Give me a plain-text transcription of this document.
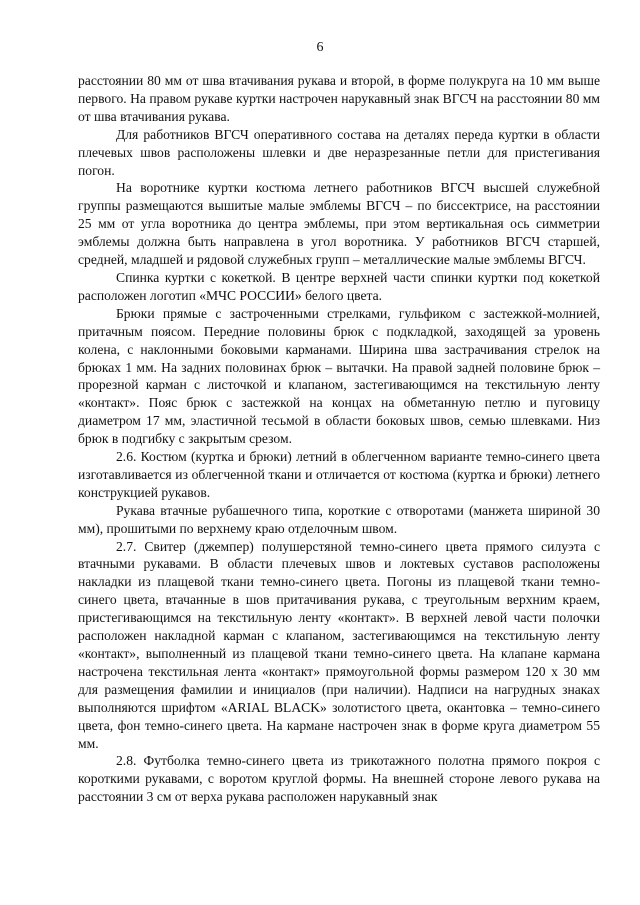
6

расстоянии 80 мм от шва втачивания рукава и второй, в форме полукруга на 10 мм выше первого. На правом рукаве куртки настрочен нарукавный знак ВГСЧ на расстоянии 80 мм от шва втачивания рукава.

Для работников ВГСЧ оперативного состава на деталях переда куртки в области плечевых швов расположены шлевки и две неразрезанные петли для пристегивания погон.

На воротнике куртки костюма летнего работников ВГСЧ высшей служебной группы размещаются вышитые малые эмблемы ВГСЧ – по биссектрисе, на расстоянии 25 мм от угла воротника до центра эмблемы, при этом вертикальная ось симметрии эмблемы должна быть направлена в угол воротника. У работников ВГСЧ старшей, средней, младшей и рядовой служебных групп – металлические малые эмблемы ВГСЧ.

Спинка куртки с кокеткой. В центре верхней части спинки куртки под кокеткой расположен логотип «МЧС РОССИИ» белого цвета.

Брюки прямые с застроченными стрелками, гульфиком с застежкой-молнией, притачным поясом. Передние половины брюк с подкладкой, заходящей за уровень колена, с наклонными боковыми карманами. Ширина шва застрачивания стрелок на брюках 1 мм. На задних половинах брюк – вытачки. На правой задней половине брюк – прорезной карман с листочкой и клапаном, застегивающимся на текстильную ленту «контакт». Пояс брюк с застежкой на концах на обметанную петлю и пуговицу диаметром 17 мм, эластичной тесьмой в области боковых швов, семью шлевками. Низ брюк в подгибку с закрытым срезом.

2.6. Костюм (куртка и брюки) летний в облегченном варианте темно-синего цвета изготавливается из облегченной ткани и отличается от костюма (куртка и брюки) летнего конструкцией рукавов.

Рукава втачные рубашечного типа, короткие с отворотами (манжета шириной 30 мм), прошитыми по верхнему краю отделочным швом.

2.7. Свитер (джемпер) полушерстяной темно-синего цвета прямого силуэта с втачными рукавами. В области плечевых швов и локтевых суставов расположены накладки из плащевой ткани темно-синего цвета. Погоны из плащевой ткани темно-синего цвета, втачанные в шов притачивания рукава, с треугольным верхним краем, пристегивающимся на текстильную ленту «контакт». В верхней левой части полочки расположен накладной карман с клапаном, застегивающимся на текстильную ленту «контакт», выполненный из плащевой ткани темно-синего цвета. На клапане кармана настрочена текстильная лента «контакт» прямоугольной формы размером 120 х 30 мм для размещения фамилии и инициалов (при наличии). Надписи на нагрудных знаках выполняются шрифтом «ARIAL BLACK» золотистого цвета, окантовка – темно-синего цвета, фон темно-синего цвета. На кармане настрочен знак в форме круга диаметром 55 мм.

2.8. Футболка темно-синего цвета из трикотажного полотна прямого покроя с короткими рукавами, с воротом круглой формы. На внешней стороне левого рукава на расстоянии 3 см от верха рукава расположен нарукавный знак
